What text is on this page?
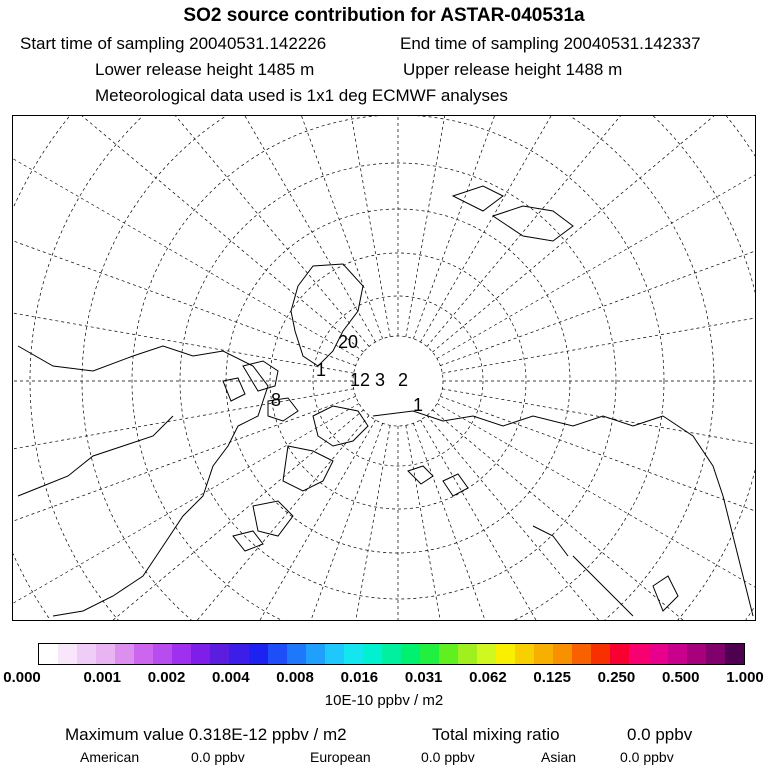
SO2 source contribution for ASTAR-040531a
Start time of sampling 20040531.142226	End time of sampling 20040531.142337
Lower release height 1485 m	Upper release height 1488 m
Meteorological data used is 1x1 deg ECMWF analyses
20
1 12 3 2
1
8
0.000	0.001 0.002 0.004 0.008 0.016 0.031 0.062 0.125 0.250 0.500 1.000
10E-10 ppbv / m2
Maximum value 0.318E-12 ppbv / m2	Total mixing ratio	0.0 ppbv
American	0.0 ppbv	European	0.0 ppbv	Asian	0.0 ppbv
